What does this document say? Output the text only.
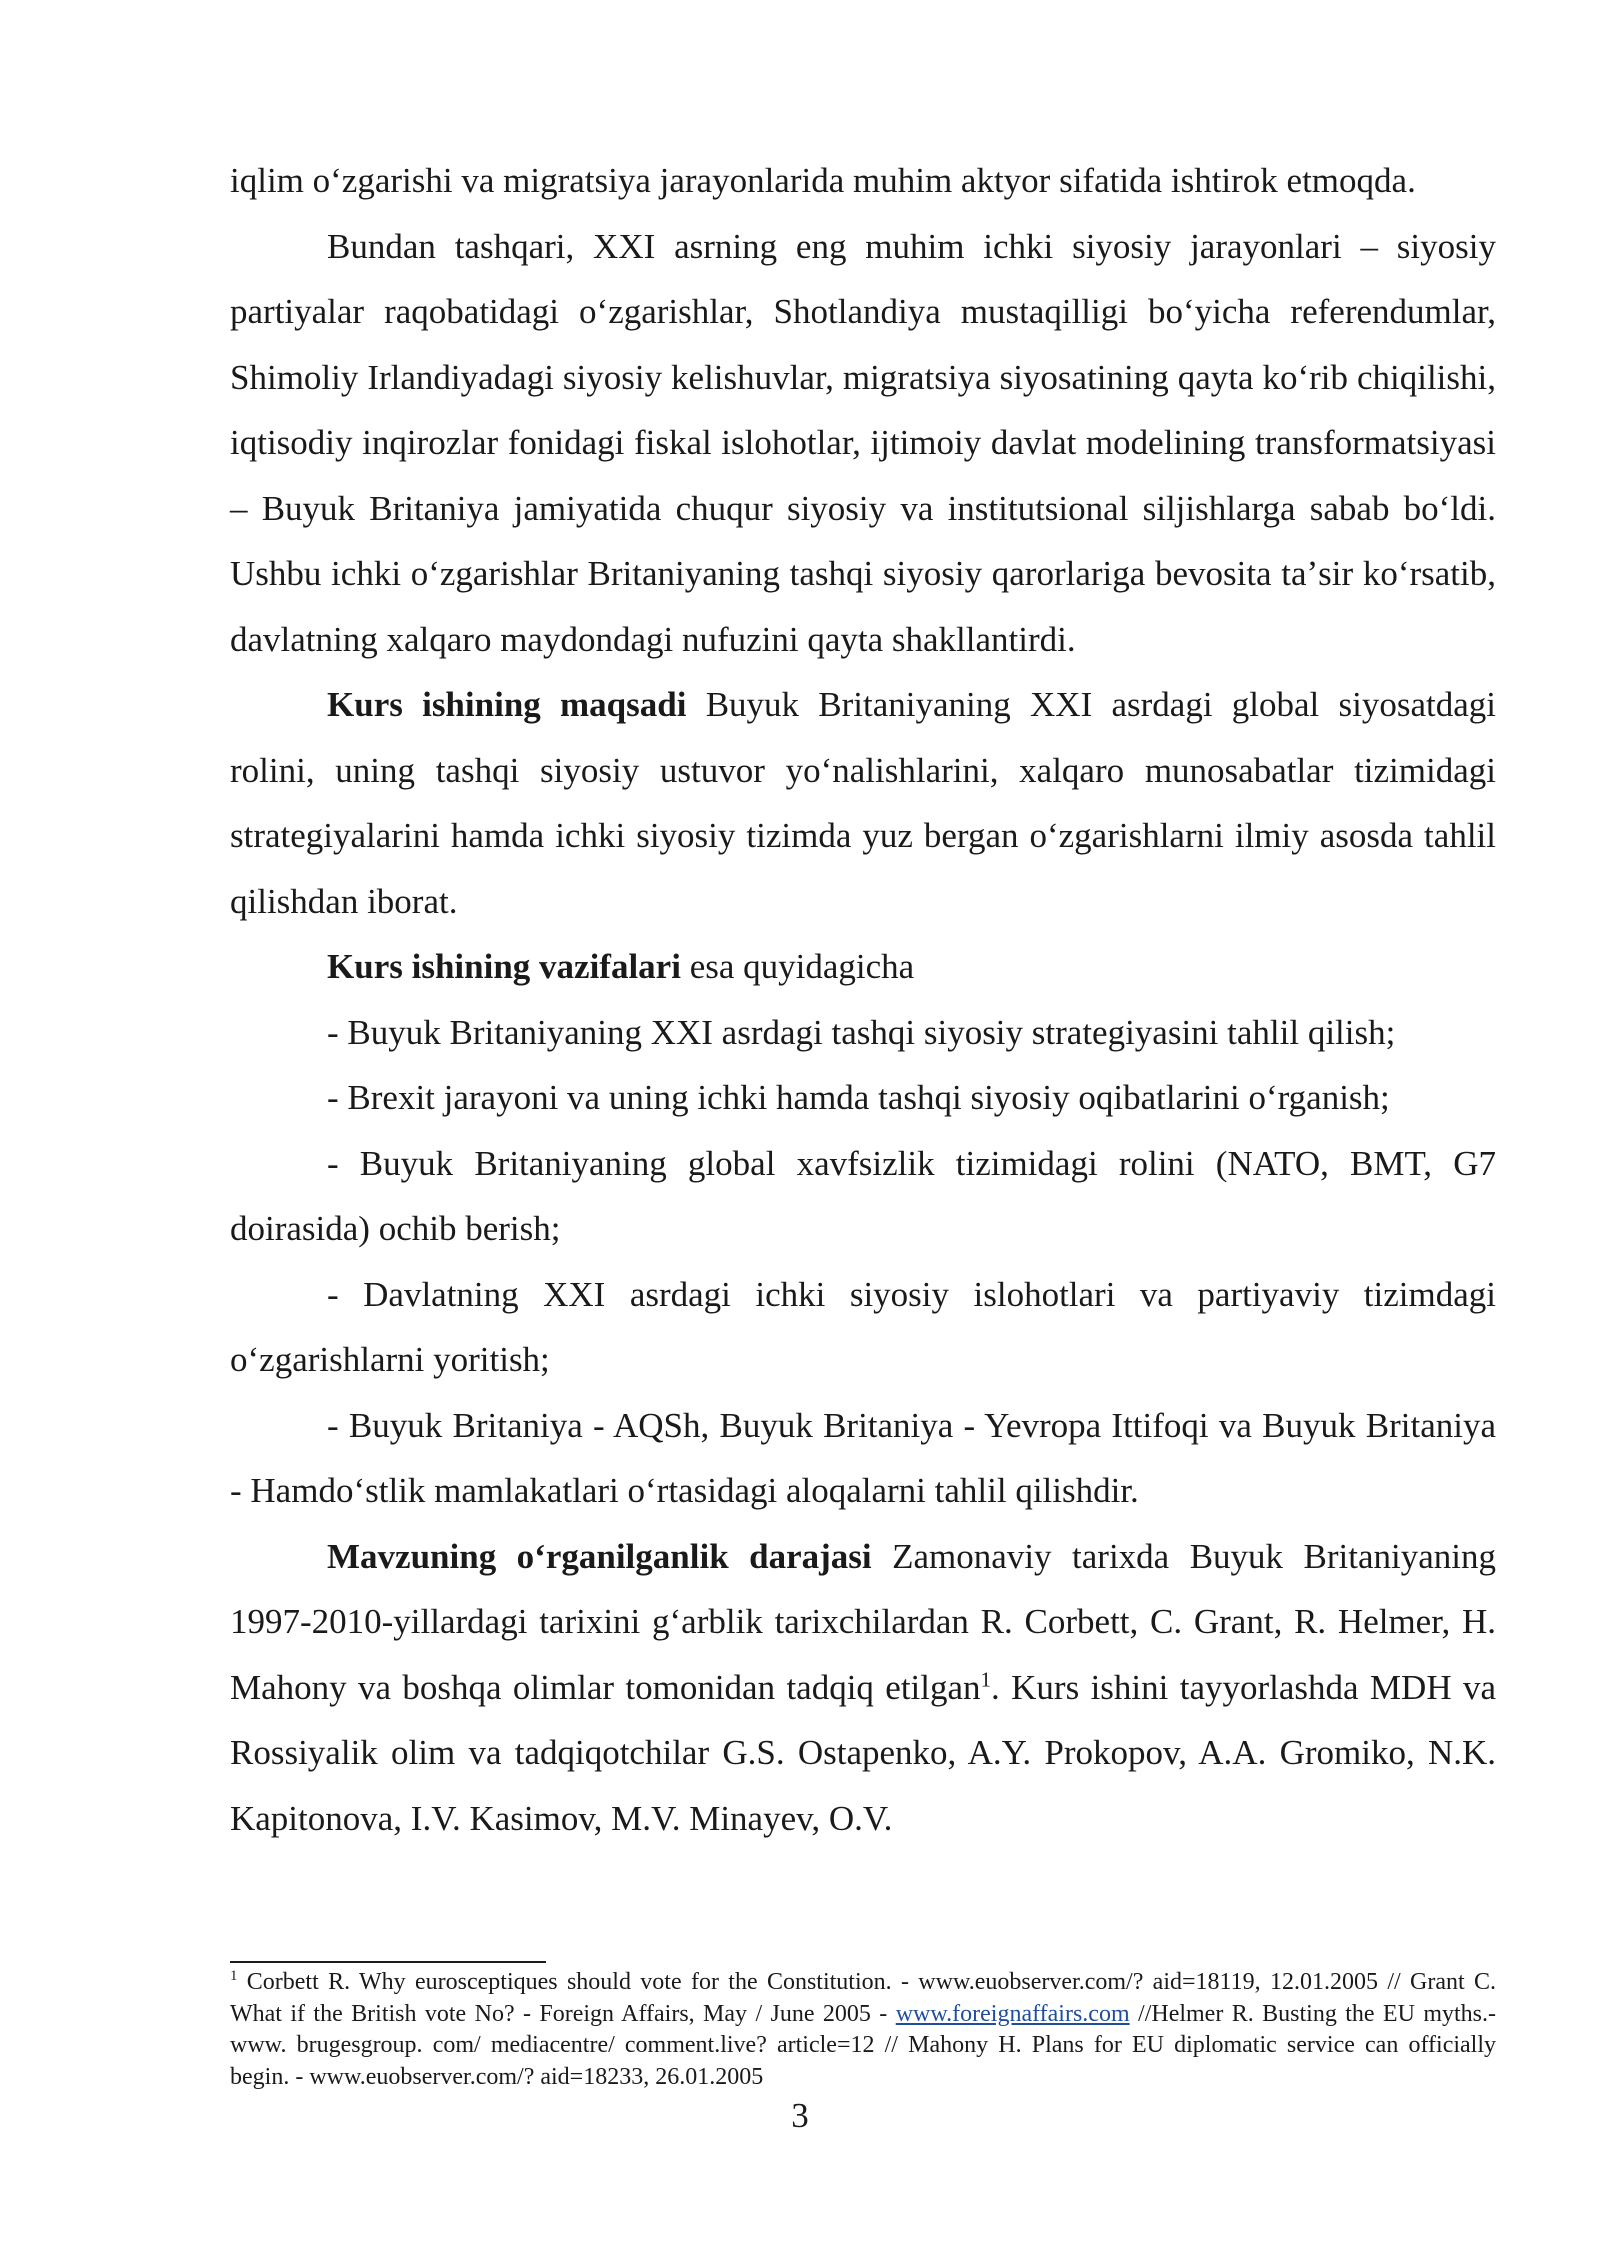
iqlim oʻzgarishi va migratsiya jarayonlarida muhim aktyor sifatida ishtirok etmoqda.

Bundan tashqari, XXI asrning eng muhim ichki siyosiy jarayonlari – siyosiy partiyalar raqobatidagi oʻzgarishlar, Shotlandiya mustaqilligi boʻyicha referendumlar, Shimoliy Irlandiyadagi siyosiy kelishuvlar, migratsiya siyosatining qayta koʻrib chiqilishi, iqtisodiy inqirozlar fonidagi fiskal islohotlar, ijtimoiy davlat modelining transformatsiyasi – Buyuk Britaniya jamiyatida chuqur siyosiy va institutsional siljishlarga sabab boʻldi. Ushbu ichki oʻzgarishlar Britaniyaning tashqi siyosiy qarorlariga bevosita taʼsir koʻrsatib, davlatning xalqaro maydondagi nufuzini qayta shakllantirdi.

Kurs ishining maqsadi Buyuk Britaniyaning XXI asrdagi global siyosatdagi rolini, uning tashqi siyosiy ustuvor yoʻnalishlarini, xalqaro munosabatlar tizimidagi strategiyalarini hamda ichki siyosiy tizimda yuz bergan oʻzgarishlarni ilmiy asosda tahlil qilishdan iborat.

Kurs ishining vazifalari esa quyidagicha

- Buyuk Britaniyaning XXI asrdagi tashqi siyosiy strategiyasini tahlil qilish;

- Brexit jarayoni va uning ichki hamda tashqi siyosiy oqibatlarini oʻrganish;

- Buyuk Britaniyaning global xavfsizlik tizimidagi rolini (NATO, BMT, G7 doirasida) ochib berish;

- Davlatning XXI asrdagi ichki siyosiy islohotlari va partiyaviy tizimdagi oʻzgarishlarni yoritish;

- Buyuk Britaniya - AQSh, Buyuk Britaniya - Yevropa Ittifoqi va Buyuk Britaniya - Hamdoʻstlik mamlakatlari oʻrtasidagi aloqalarni tahlil qilishdir.

Mavzuning oʻrganilganlik darajasi Zamonaviy tarixda Buyuk Britaniyaning 1997-2010-yillardagi tarixini gʻarblik tarixchilardan R. Corbett, C. Grant, R. Helmer, H. Mahony va boshqa olimlar tomonidan tadqiq etilgan$^1$. Kurs ishini tayyorlashda MDH va Rossiyalik olim va tadqiqotchilar G.S. Ostapenko, A.Y. Prokopov, A.A. Gromiko, N.K. Kapitonova, I.V. Kasimov, M.V. Minayev, O.V.

$^1$ Corbett R. Why eurosceptiques should vote for the Constitution. - www.euobserver.com/? aid=18119, 12.01.2005 // Grant C. What if the British vote No? - Foreign Affairs, May / June 2005 - www.foreignaffairs.com //Helmer R. Busting the EU myths.- www. brugesgroup. com/ mediacentre/ comment.live? article=12 // Mahony H. Plans for EU diplomatic service can officially begin. - www.euobserver.com/? aid=18233, 26.01.2005

3
